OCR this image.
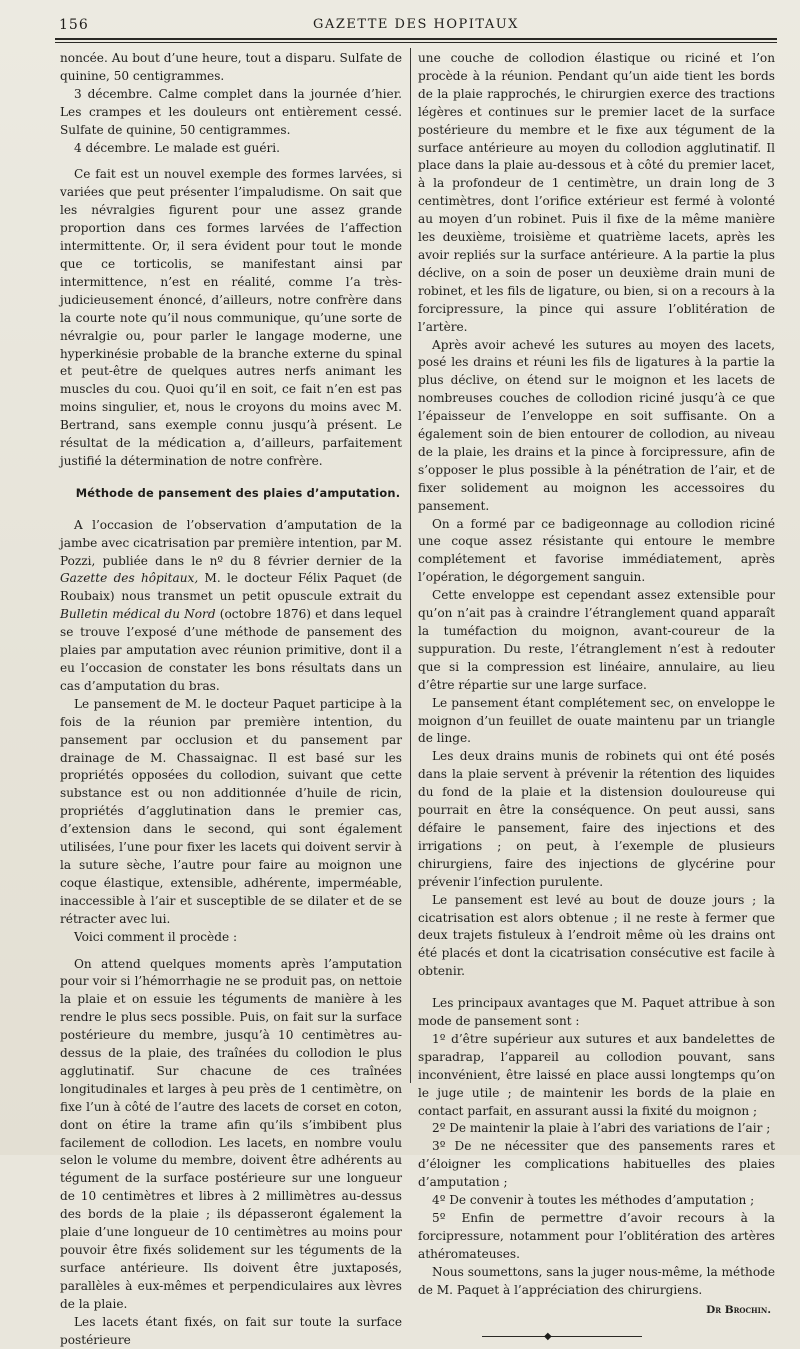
156	GAZETTE DES HOPITAUX

noncée. Au bout d’une heure, tout a disparu. Sulfate de quinine, 50 centigrammes.

3 décembre. Calme complet dans la journée d’hier. Les crampes et les douleurs ont entièrement cessé. Sulfate de quinine, 50 centigrammes.

4 décembre. Le malade est guéri.

Ce fait est un nouvel exemple des formes larvées, si variées que peut présenter l’impaludisme. On sait que les névralgies figurent pour une assez grande proportion dans ces formes larvées de l’affection intermittente. Or, il sera évident pour tout le monde que ce torticolis, se manifestant ainsi par intermittence, n’est en réalité, comme l’a très-judicieusement énoncé, d’ailleurs, notre confrère dans la courte note qu’il nous communique, qu’une sorte de névralgie ou, pour parler le langage moderne, une hyperkinésie probable de la branche externe du spinal et peut-être de quelques autres nerfs animant les muscles du cou. Quoi qu’il en soit, ce fait n’en est pas moins singulier, et, nous le croyons du moins avec M. Bertrand, sans exemple connu jusqu’à présent. Le résultat de la médication a, d’ailleurs, parfaitement justifié la détermination de notre confrère.

Méthode de pansement des plaies d’amputation.

A l’occasion de l’observation d’amputation de la jambe avec cicatrisation par première intention, par M. Pozzi, publiée dans le nº du 8 février dernier de la Gazette des hôpitaux, M. le docteur Félix Paquet (de Roubaix) nous transmet un petit opuscule extrait du Bulletin médical du Nord (octobre 1876) et dans lequel se trouve l’exposé d’une méthode de pansement des plaies par amputation avec réunion primitive, dont il a eu l’occasion de constater les bons résultats dans un cas d’amputation du bras.

Le pansement de M. le docteur Paquet participe à la fois de la réunion par première intention, du pansement par occlusion et du pansement par drainage de M. Chassaignac. Il est basé sur les propriétés opposées du collodion, suivant que cette substance est ou non additionnée d’huile de ricin, propriétés d’agglutination dans le premier cas, d’extension dans le second, qui sont également utilisées, l’une pour fixer les lacets qui doivent servir à la suture sèche, l’autre pour faire au moignon une coque élastique, extensible, adhérente, imperméable, inaccessible à l’air et susceptible de se dilater et de se rétracter avec lui.

Voici comment il procède :

On attend quelques moments après l’amputation pour voir si l’hémorrhagie ne se produit pas, on nettoie la plaie et on essuie les téguments de manière à les rendre le plus secs possible. Puis, on fait sur la surface postérieure du membre, jusqu’à 10 centimètres au-dessus de la plaie, des traînées du collodion le plus agglutinatif. Sur chacune de ces traînées longitudinales et larges à peu près de 1 centimètre, on fixe l’un à côté de l’autre des lacets de corset en coton, dont on étire la trame afin qu’ils s’imbibent plus facilement de collodion. Les lacets, en nombre voulu selon le volume du membre, doivent être adhérents au tégument de la surface postérieure sur une longueur de 10 centimètres et libres à 2 millimètres au-dessus des bords de la plaie ; ils dépasseront également la plaie d’une longueur de 10 centimètres au moins pour pouvoir être fixés solidement sur les téguments de la surface antérieure. Ils doivent être juxtaposés, parallèles à eux-mêmes et perpendiculaires aux lèvres de la plaie.

Les lacets étant fixés, on fait sur toute la surface postérieure

une couche de collodion élastique ou riciné et l’on procède à la réunion. Pendant qu’un aide tient les bords de la plaie rapprochés, le chirurgien exerce des tractions légères et continues sur le premier lacet de la surface postérieure du membre et le fixe aux tégument de la surface antérieure au moyen du collodion agglutinatif. Il place dans la plaie au-dessous et à côté du premier lacet, à la profondeur de 1 centimètre, un drain long de 3 centimètres, dont l’orifice extérieur est fermé à volonté au moyen d’un robinet. Puis il fixe de la même manière les deuxième, troisième et quatrième lacets, après les avoir repliés sur la surface antérieure. A la partie la plus déclive, on a soin de poser un deuxième drain muni de robinet, et les fils de ligature, ou bien, si on a recours à la forcipressure, la pince qui assure l’oblitération de l’artère.

Après avoir achevé les sutures au moyen des lacets, posé les drains et réuni les fils de ligatures à la partie la plus déclive, on étend sur le moignon et les lacets de nombreuses couches de collodion riciné jusqu’à ce que l’épaisseur de l’enveloppe en soit suffisante. On a également soin de bien entourer de collodion, au niveau de la plaie, les drains et la pince à forcipressure, afin de s’opposer le plus possible à la pénétration de l’air, et de fixer solidement au moignon les accessoires du pansement.

On a formé par ce badigeonnage au collodion riciné une coque assez résistante qui entoure le membre complétement et favorise immédiatement, après l’opération, le dégorgement sanguin.

Cette enveloppe est cependant assez extensible pour qu’on n’ait pas à craindre l’étranglement quand apparaît la tuméfaction du moignon, avant-coureur de la suppuration. Du reste, l’étranglement n’est à redouter que si la compression est linéaire, annulaire, au lieu d’être répartie sur une large surface.

Le pansement étant complétement sec, on enveloppe le moignon d’un feuillet de ouate maintenu par un triangle de linge.

Les deux drains munis de robinets qui ont été posés dans la plaie servent à prévenir la rétention des liquides du fond de la plaie et la distension douloureuse qui pourrait en être la conséquence. On peut aussi, sans défaire le pansement, faire des injections et des irrigations ; on peut, à l’exemple de plusieurs chirurgiens, faire des injections de glycérine pour prévenir l’infection purulente.

Le pansement est levé au bout de douze jours ; la cicatrisation est alors obtenue ; il ne reste à fermer que deux trajets fistuleux à l’endroit même où les drains ont été placés et dont la cicatrisation consécutive est facile à obtenir.

Les principaux avantages que M. Paquet attribue à son mode de pansement sont :

1º d’être supérieur aux sutures et aux bandelettes de sparadrap, l’appareil au collodion pouvant, sans inconvénient, être laissé en place aussi longtemps qu’on le juge utile ; de maintenir les bords de la plaie en contact parfait, en assurant aussi la fixité du moignon ;

2º De maintenir la plaie à l’abri des variations de l’air ;

3º De ne nécessiter que des pansements rares et d’éloigner les complications habituelles des plaies d’amputation ;

4º De convenir à toutes les méthodes d’amputation ;

5º Enfin de permettre d’avoir recours à la forcipressure, notamment pour l’oblitération des artères athéromateuses.

Nous soumettons, sans la juger nous-même, la méthode de M. Paquet à l’appréciation des chirurgiens.

Dr Brochin.
◆
